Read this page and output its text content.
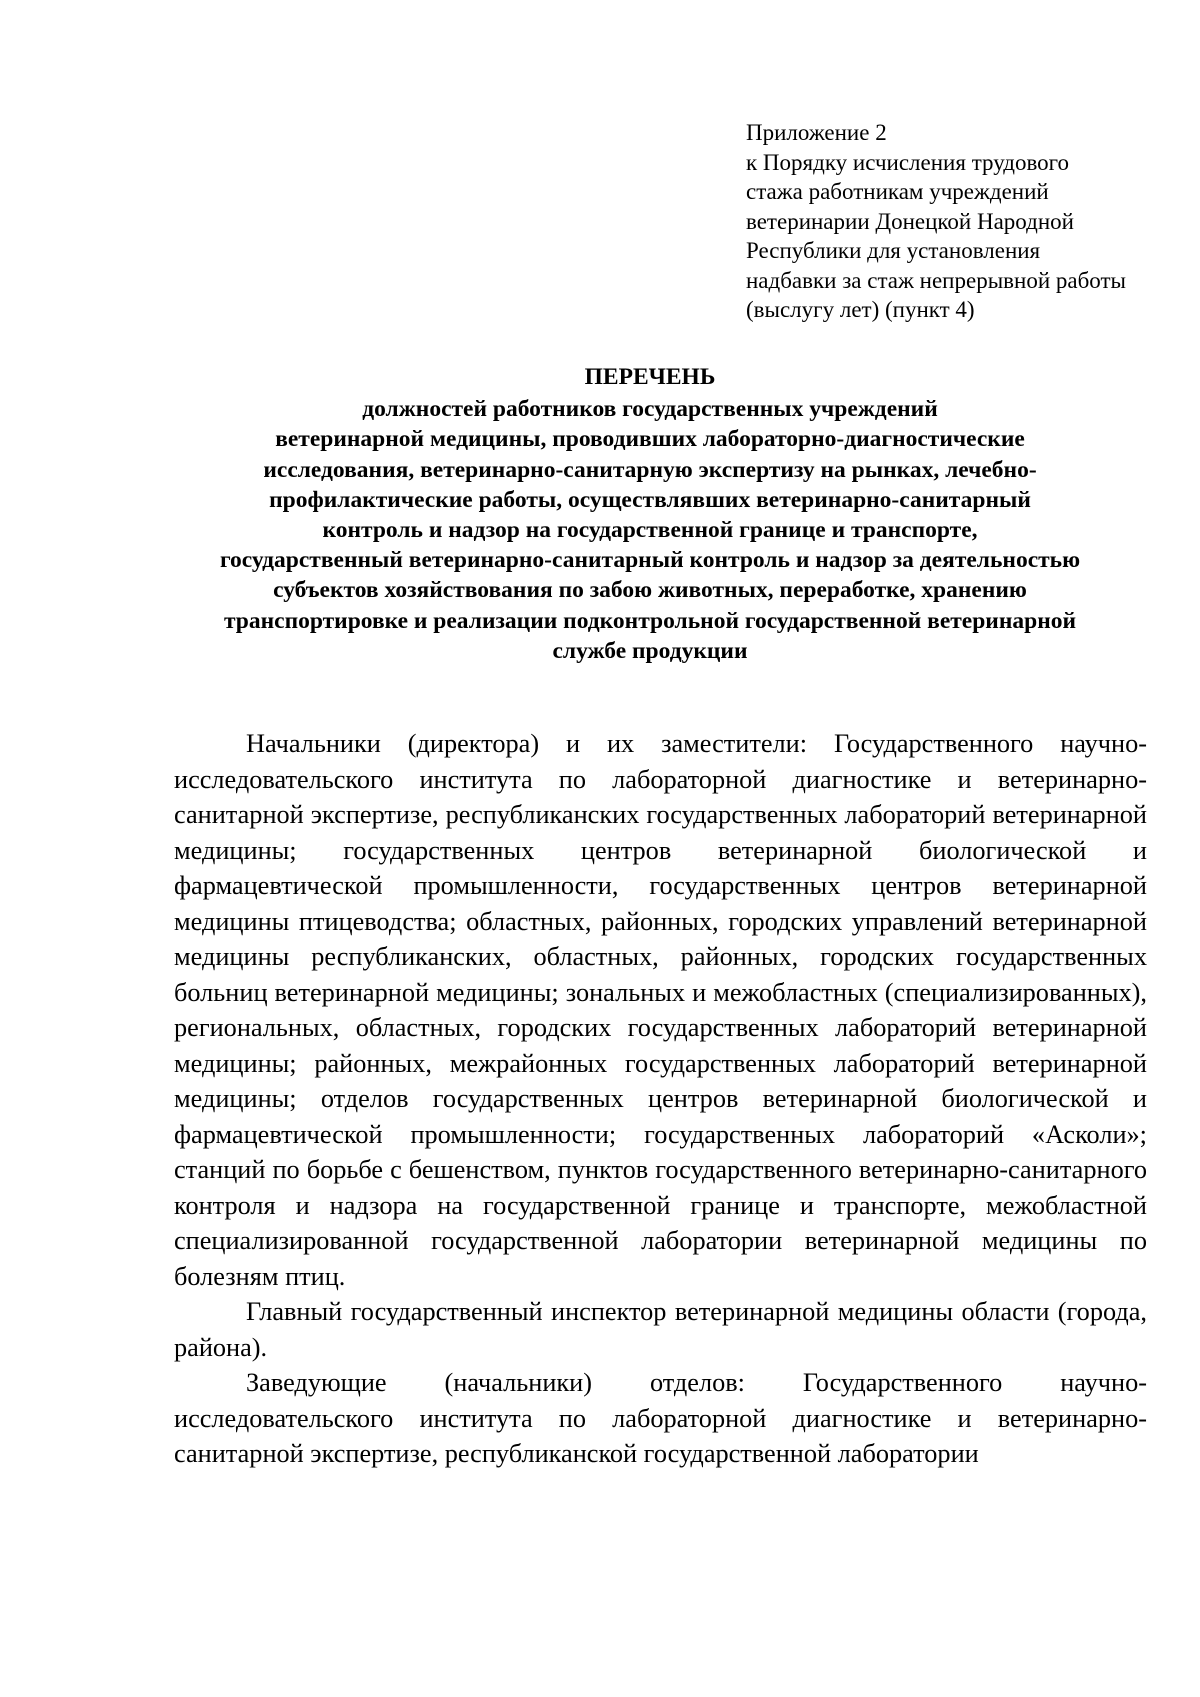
Приложение 2
к Порядку исчисления трудового
стажа работникам учреждений
ветеринарии Донецкой Народной
Республики для установления
надбавки за стаж непрерывной работы
(выслугу лет) (пункт 4)
ПЕРЕЧЕНЬ
должностей работников государственных учреждений
ветеринарной медицины, проводивших лабораторно-диагностические
исследования, ветеринарно-санитарную экспертизу на рынках, лечебно-
профилактические работы, осуществлявших ветеринарно-санитарный
контроль и надзор на государственной границе и транспорте,
государственный ветеринарно-санитарный контроль и надзор за деятельностью
субъектов хозяйствования по забою животных, переработке, хранению
транспортировке и реализации подконтрольной государственной ветеринарной
службе продукции

Начальники (директора) и их заместители: Государственного научно-исследовательского института по лабораторной диагностике и ветеринарно-санитарной экспертизе, республиканских государственных лабораторий ветеринарной медицины; государственных центров ветеринарной биологической и фармацевтической промышленности, государственных центров ветеринарной медицины птицеводства; областных, районных, городских управлений ветеринарной медицины республиканских, областных, районных, городских государственных больниц ветеринарной медицины; зональных и межобластных (специализированных), региональных, областных, городских государственных лабораторий ветеринарной медицины; районных, межрайонных государственных лабораторий ветеринарной медицины; отделов государственных центров ветеринарной биологической и фармацевтической промышленности; государственных лабораторий «Асколи»; станций по борьбе с бешенством, пунктов государственного ветеринарно-санитарного контроля и надзора на государственной границе и транспорте, межобластной специализированной государственной лаборатории ветеринарной медицины по болезням птиц.

Главный государственный инспектор ветеринарной медицины области (города, района).

Заведующие (начальники) отделов: Государственного научно-исследовательского института по лабораторной диагностике и ветеринарно-санитарной экспертизе, республиканской государственной лаборатории
